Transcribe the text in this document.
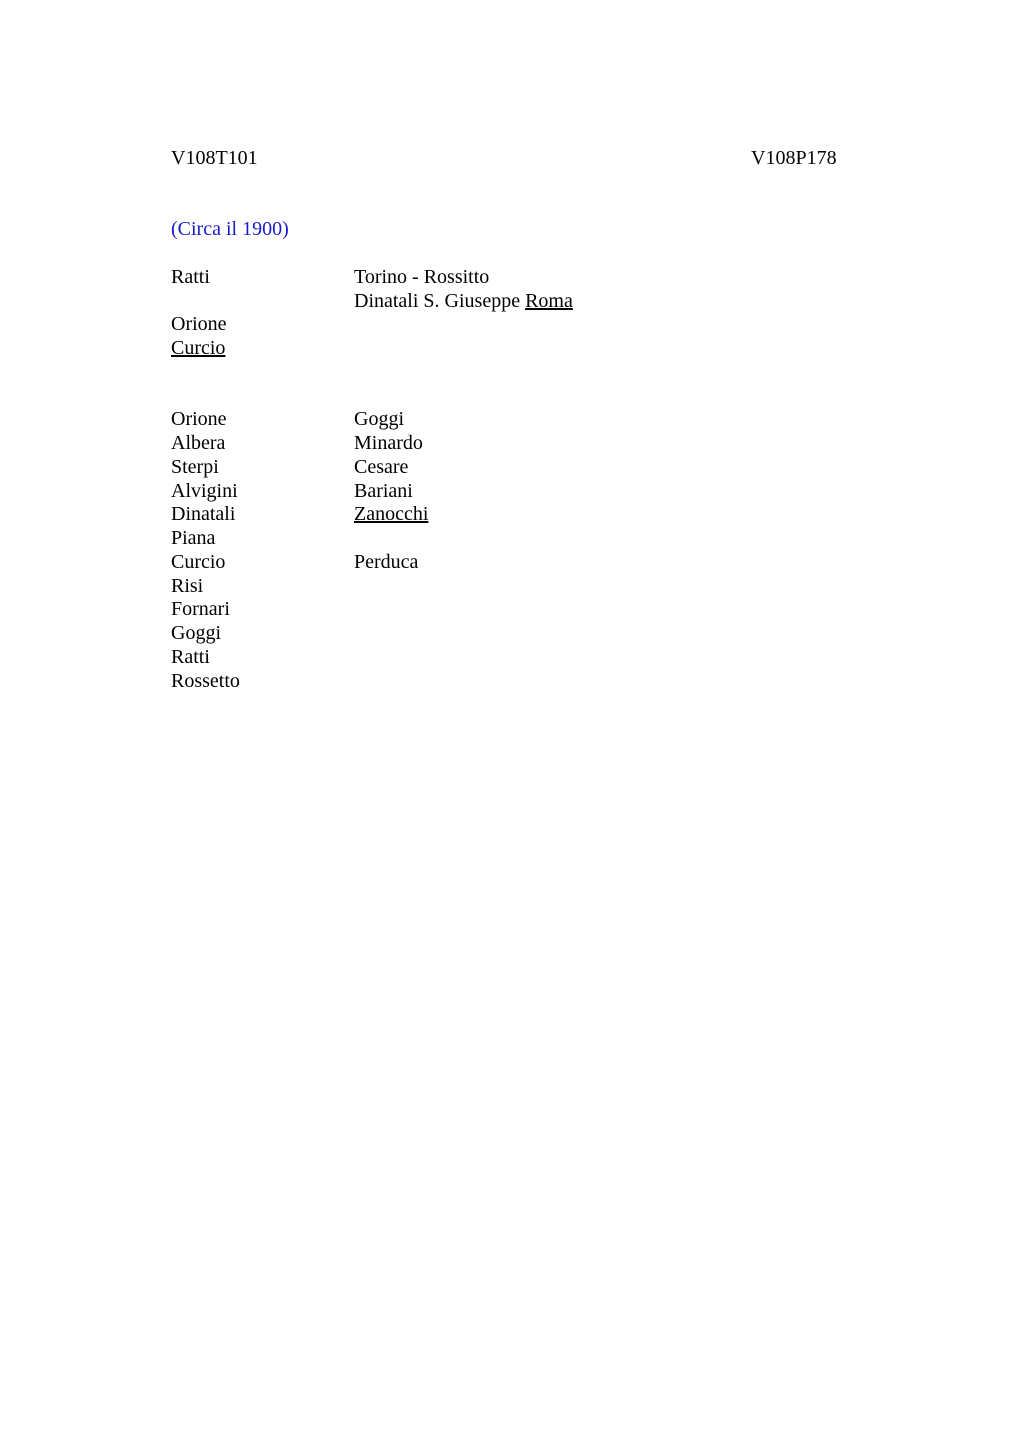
V108T101	V108P178
(Circa il 1900)
Ratti	Torino - Rossitto
Dinatali S. Giuseppe Roma
Orione
Curcio
Orione
Albera
Sterpi
Alvigini
Dinatali
Piana
Curcio
Risi
Fornari
Goggi
Ratti
Rossetto
Goggi
Minardo
Cesare
Bariani
Zanocchi
Perduca
